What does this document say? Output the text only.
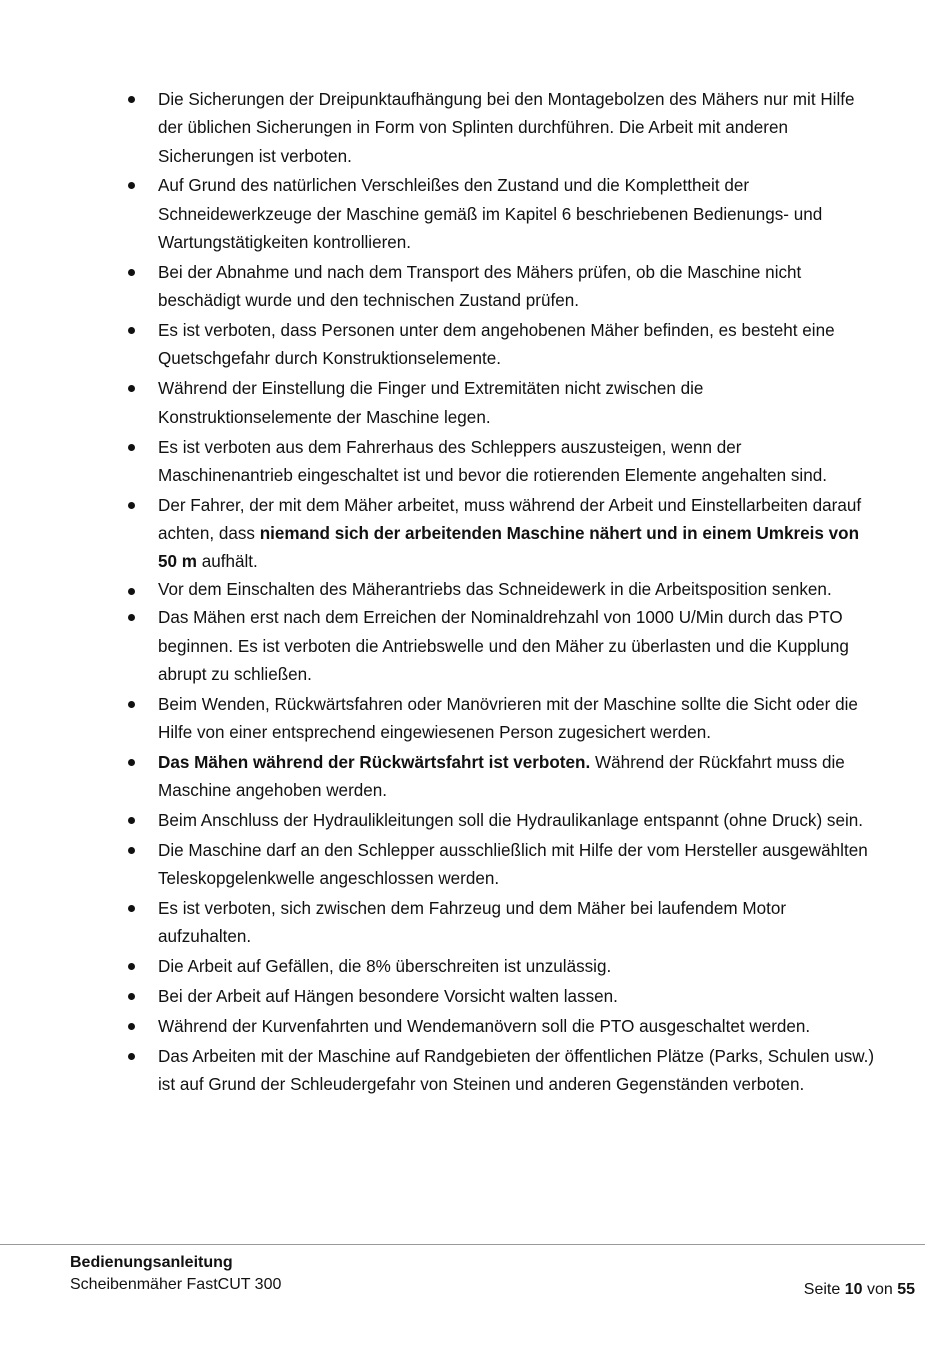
Die Sicherungen der Dreipunktaufhängung bei den Montagebolzen des Mähers nur mit Hilfe der üblichen Sicherungen in Form von Splinten durchführen. Die Arbeit mit anderen Sicherungen ist verboten.
Auf Grund des natürlichen Verschleißes den Zustand und die Komplettheit der Schneidewerkzeuge der Maschine gemäß im Kapitel 6 beschriebenen Bedienungs- und Wartungstätigkeiten kontrollieren.
Bei der Abnahme und nach dem Transport des Mähers prüfen, ob die Maschine nicht beschädigt wurde und den technischen Zustand prüfen.
Es ist verboten, dass Personen unter dem angehobenen Mäher befinden, es besteht eine Quetschgefahr durch Konstruktionselemente.
Während der Einstellung die Finger und Extremitäten nicht zwischen die Konstruktionselemente der Maschine legen.
Es ist verboten aus dem Fahrerhaus des Schleppers auszusteigen, wenn der Maschinenantrieb eingeschaltet ist und bevor die rotierenden Elemente angehalten sind.
Der Fahrer, der mit dem Mäher arbeitet, muss während der Arbeit und Einstellarbeiten darauf achten, dass niemand sich der arbeitenden Maschine nähert und in einem Umkreis von 50 m aufhält.
Vor dem Einschalten des Mäherantriebs das Schneidewerk in die Arbeitsposition senken.
Das Mähen erst nach dem Erreichen der Nominaldrehzahl von 1000 U/Min durch das PTO beginnen. Es ist verboten die Antriebswelle und den Mäher zu überlasten und die Kupplung abrupt zu schließen.
Beim Wenden, Rückwärtsfahren oder Manövrieren mit der Maschine sollte die Sicht oder die Hilfe von einer entsprechend eingewiesenen Person zugesichert werden.
Das Mähen während der Rückwärtsfahrt ist verboten. Während der Rückfahrt muss die Maschine angehoben werden.
Beim Anschluss der Hydraulikleitungen soll die Hydraulikanlage entspannt (ohne Druck) sein.
Die Maschine darf an den Schlepper ausschließlich mit Hilfe der vom Hersteller ausgewählten Teleskopgelenkwelle angeschlossen werden.
Es ist verboten, sich zwischen dem Fahrzeug und dem Mäher bei laufendem Motor aufzuhalten.
Die Arbeit auf Gefällen, die 8% überschreiten ist unzulässig.
Bei der Arbeit auf Hängen besondere Vorsicht walten lassen.
Während der Kurvenfahrten und Wendemanövern soll die PTO ausgeschaltet werden.
Das Arbeiten mit der Maschine auf Randgebieten der öffentlichen Plätze (Parks, Schulen usw.) ist auf Grund der Schleudergefahr von Steinen und anderen Gegenständen verboten.
Bedienungsanleitung
Scheibenmäher FastCUT 300	Seite 10 von 55
